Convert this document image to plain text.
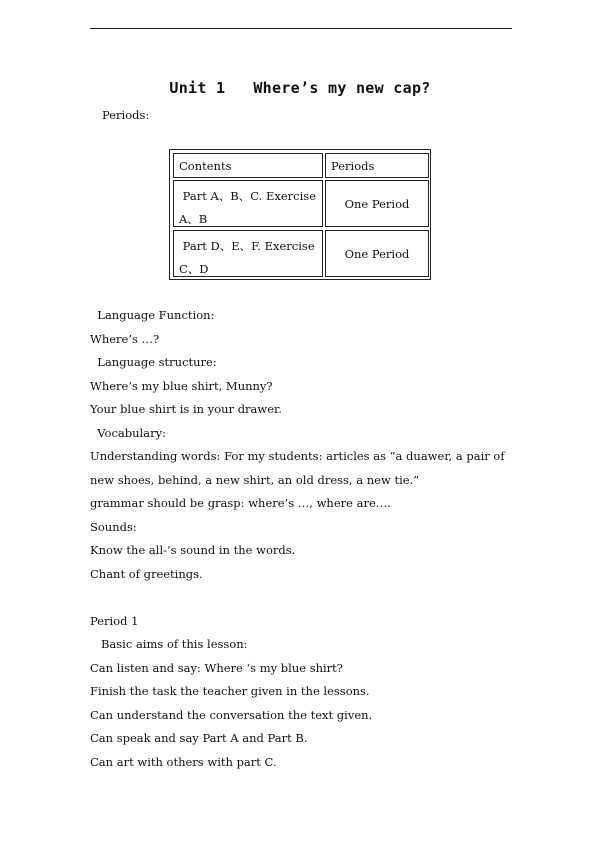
Unit 1   Where’s my new cap?
Periods:
Contents	Periods
Part A、B、C. Exercise
A、B
One Period
Part D、E、F. Exercise
C、D
One Period
Language Function:
Where’s …?
Language structure:
Where’s my blue shirt, Munny?
Your blue shirt is in your drawer.
Vocabulary:
Understanding words: For my students: articles as “a duawer, a pair of
new shoes, behind, a new shirt, an old dress, a new tie.”
grammar should be grasp: where’s …, where are….
Sounds:
Know the all-’s sound in the words.
Chant of greetings.
Period 1
Basic aims of this lesson:
Can listen and say: Where ‘s my blue shirt?
Finish the task the teacher given in the lessons.
Can understand the conversation the text given.
Can speak and say Part A and Part B.
Can art with others with part C.
